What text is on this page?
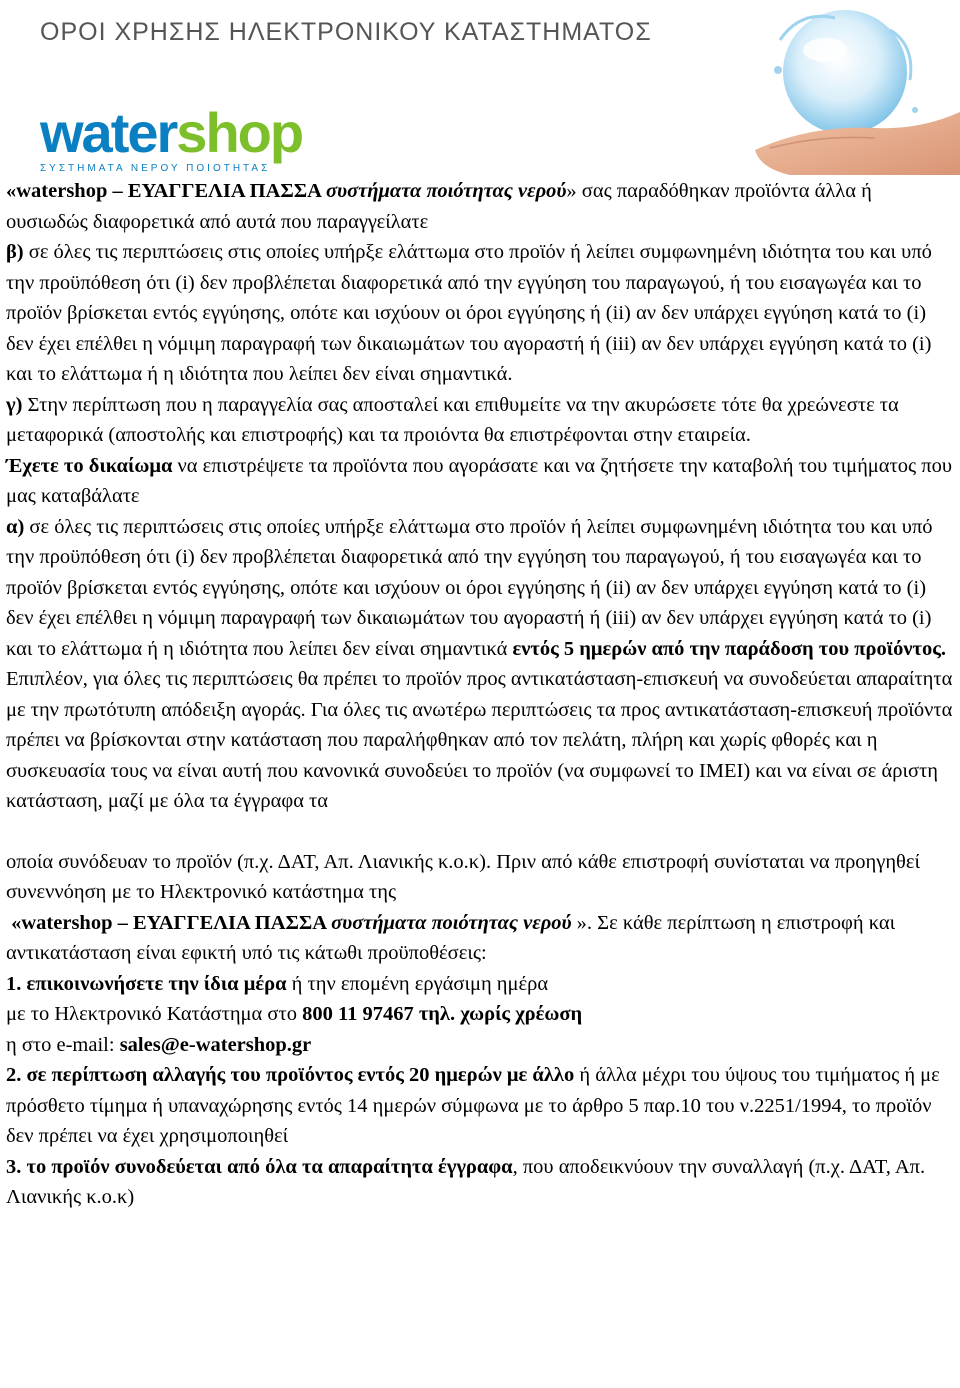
ΟΡΟΙ ΧΡΗΣΗΣ ΗΛΕΚΤΡΟΝΙΚΟΥ ΚΑΤΑΣΤΗΜΑΤΟΣ
watershop
ΣΥΣΤΗΜΑΤΑ ΝΕΡΟΥ ΠΟΙΟΤΗΤΑΣ

«watershop – ΕΥΑΓΓΕΛΙΑ ΠΑΣΣΑ συστήματα ποιότητας νερού» σας παραδόθηκαν προϊόντα άλλα ή ουσιωδώς διαφορετικά από αυτά που παραγγείλατε

β) σε όλες τις περιπτώσεις στις οποίες υπήρξε ελάττωμα στο προϊόν ή λείπει συμφωνημένη ιδιότητα του και υπό την προϋπόθεση ότι (i) δεν προβλέπεται διαφορετικά από την εγγύηση του παραγωγού, ή του εισαγωγέα και το προϊόν βρίσκεται εντός εγγύησης, οπότε και ισχύουν οι όροι εγγύησης ή (ii) αν δεν υπάρχει εγγύηση κατά το (i) δεν έχει επέλθει η νόμιμη παραγραφή των δικαιωμάτων του αγοραστή ή (iii) αν δεν υπάρχει εγγύηση κατά το (i) και το ελάττωμα ή η ιδιότητα που λείπει δεν είναι σημαντικά.

γ) Στην περίπτωση που η παραγγελία σας αποσταλεί και επιθυμείτε να την ακυρώσετε τότε θα χρεώνεστε τα μεταφορικά (αποστολής και επιστροφής) και τα προιόντα θα επιστρέφονται στην εταιρεία.

Έχετε το δικαίωμα να επιστρέψετε τα προϊόντα που αγοράσατε και να ζητήσετε την καταβολή του τιμήματος που μας καταβάλατε

α) σε όλες τις περιπτώσεις στις οποίες υπήρξε ελάττωμα στο προϊόν ή λείπει συμφωνημένη ιδιότητα του και υπό την προϋπόθεση ότι (i) δεν προβλέπεται διαφορετικά από την εγγύηση του παραγωγού, ή του εισαγωγέα και το προϊόν βρίσκεται εντός εγγύησης, οπότε και ισχύουν οι όροι εγγύησης ή (ii) αν δεν υπάρχει εγγύηση κατά το (i) δεν έχει επέλθει η νόμιμη παραγραφή των δικαιωμάτων του αγοραστή ή (iii) αν δεν υπάρχει εγγύηση κατά το (i) και το ελάττωμα ή η ιδιότητα που λείπει δεν είναι σημαντικά εντός 5 ημερών από την παράδοση του προϊόντος.

Επιπλέον, για όλες τις περιπτώσεις θα πρέπει το προϊόν προς αντικατάσταση-επισκευή να συνοδεύεται απαραίτητα με την πρωτότυπη απόδειξη αγοράς. Για όλες τις ανωτέρω περιπτώσεις τα προς αντικατάσταση-επισκευή προϊόντα πρέπει να βρίσκονται στην κατάσταση που παραλήφθηκαν από τον πελάτη, πλήρη και χωρίς φθορές και η συσκευασία τους να είναι αυτή που κανονικά συνοδεύει το προϊόν (να συμφωνεί το IMEI) και να είναι σε άριστη κατάσταση, μαζί με όλα τα έγγραφα τα

οποία συνόδευαν το προϊόν (π.χ. ΔΑΤ, Απ. Λιανικής κ.ο.κ). Πριν από κάθε επιστροφή συνίσταται να προηγηθεί συνεννόηση με το Ηλεκτρονικό κατάστημα της

«watershop – ΕΥΑΓΓΕΛΙΑ ΠΑΣΣΑ συστήματα ποιότητας νερού ». Σε κάθε περίπτωση η επιστροφή και αντικατάσταση είναι εφικτή υπό τις κάτωθι προϋποθέσεις:

1. επικοινωνήσετε την ίδια μέρα ή την επομένη εργάσιμη ημέρα

με το Ηλεκτρονικό Κατάστημα στο 800 11 97467 τηλ. χωρίς χρέωση

η στο e-mail: sales@e-watershop.gr

2. σε περίπτωση αλλαγής του προϊόντος εντός 20 ημερών με άλλο ή άλλα μέχρι του ύψους του τιμήματος ή με πρόσθετο τίμημα ή υπαναχώρησης εντός 14 ημερών σύμφωνα με το άρθρο 5 παρ.10 του ν.2251/1994, το προϊόν δεν πρέπει να έχει χρησιμοποιηθεί

3. το προϊόν συνοδεύεται από όλα τα απαραίτητα έγγραφα, που αποδεικνύουν την συναλλαγή (π.χ. ΔΑΤ, Απ. Λιανικής κ.ο.κ)
